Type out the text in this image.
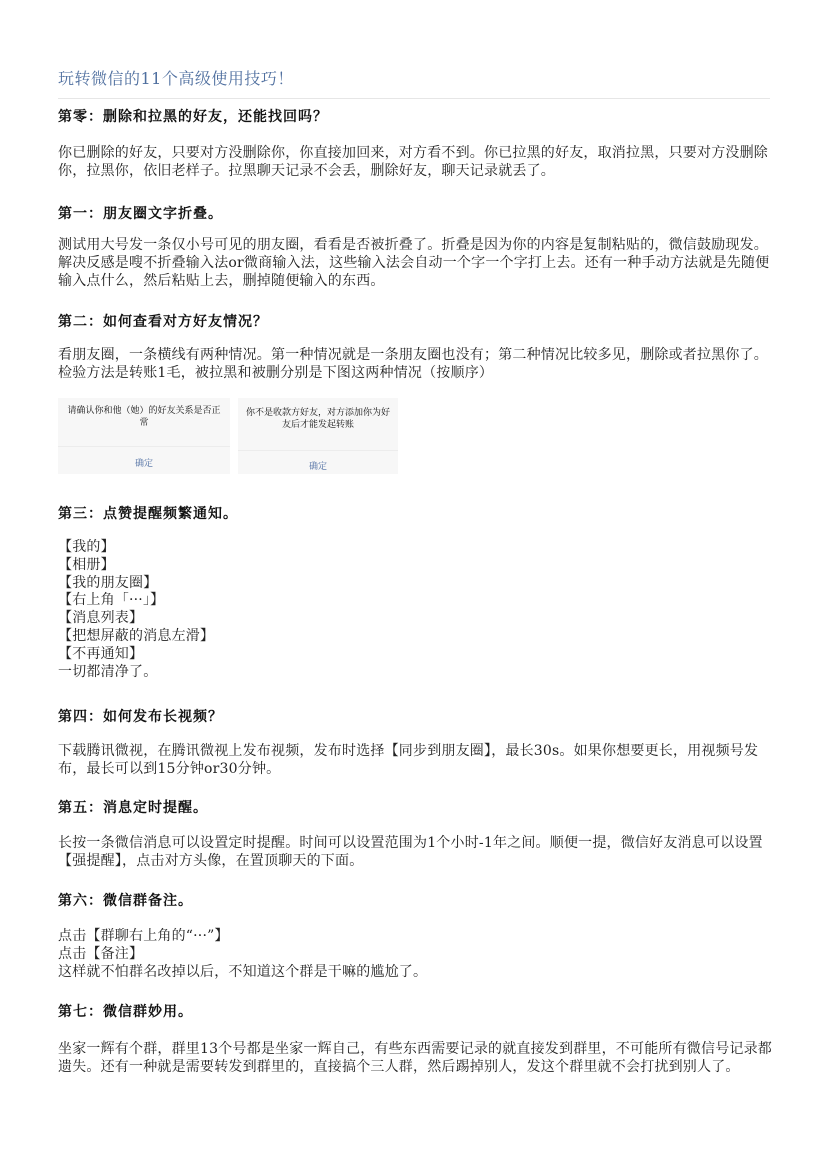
玩转微信的11个高级使用技巧！
第零：删除和拉黑的好友，还能找回吗？
你已删除的好友，只要对方没删除你，你直接加回来，对方看不到。你已拉黑的好友，取消拉黑，只要对方没删除你，拉黑你，依旧老样子。拉黑聊天记录不会丢，删除好友，聊天记录就丢了。
第一：朋友圈文字折叠。
测试用大号发一条仅小号可见的朋友圈，看看是否被折叠了。折叠是因为你的内容是复制粘贴的，微信鼓励现发。解决反感是嗖不折叠输入法or微商输入法，这些输入法会自动一个字一个字打上去。还有一种手动方法就是先随便输入点什么，然后粘贴上去，删掉随便输入的东西。
第二：如何查看对方好友情况？
看朋友圈，一条横线有两种情况。第一种情况就是一条朋友圈也没有；第二种情况比较多见，删除或者拉黑你了。检验方法是转账1毛，被拉黑和被删分别是下图这两种情况（按顺序）
请确认你和他（她）的好友关系是否正常
确定
你不是收款方好友，对方添加你为好友后才能发起转账
确定
第三：点赞提醒频繁通知。
【我的】
【相册】
【我的朋友圈】
【右上角「···」】
【消息列表】
【把想屏蔽的消息左滑】
【不再通知】
一切都清净了。
第四：如何发布长视频？
下载腾讯微视，在腾讯微视上发布视频，发布时选择【同步到朋友圈】，最长30s。如果你想要更长，用视频号发布，最长可以到15分钟or30分钟。
第五：消息定时提醒。
长按一条微信消息可以设置定时提醒。时间可以设置范围为1个小时-1年之间。顺便一提，微信好友消息可以设置【强提醒】，点击对方头像，在置顶聊天的下面。
第六：微信群备注。
点击【群聊右上角的“···”】
点击【备注】
这样就不怕群名改掉以后，不知道这个群是干嘛的尴尬了。
第七：微信群妙用。
坐家一辉有个群，群里13个号都是坐家一辉自己，有些东西需要记录的就直接发到群里，不可能所有微信号记录都遗失。还有一种就是需要转发到群里的，直接搞个三人群，然后踢掉别人，发这个群里就不会打扰到别人了。
